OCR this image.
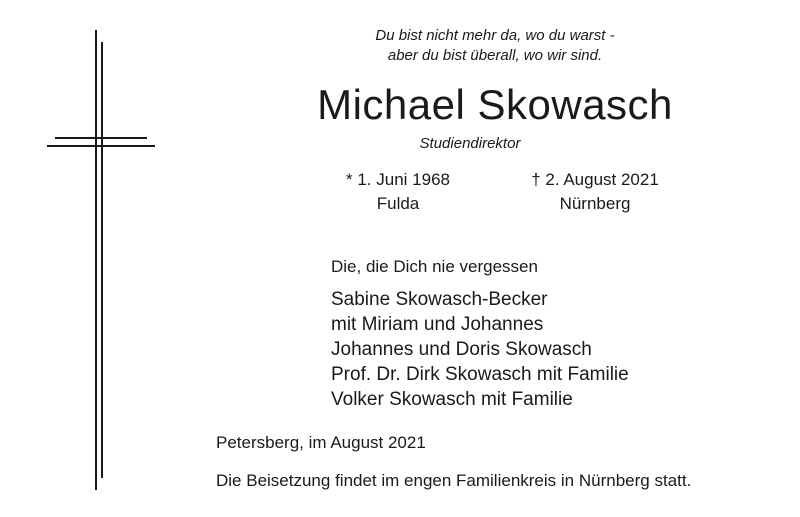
Du bist nicht mehr da, wo du warst -
aber du bist überall, wo wir sind.
Michael Skowasch
Studiendirektor
* 1. Juni 1968
Fulda
† 2. August 2021
Nürnberg
Die, die Dich nie vergessen
Sabine Skowasch-Becker
mit Miriam und Johannes
Johannes und Doris Skowasch
Prof. Dr. Dirk Skowasch mit Familie
Volker Skowasch mit Familie
Petersberg, im August 2021
Die Beisetzung findet im engen Familienkreis in Nürnberg statt.
